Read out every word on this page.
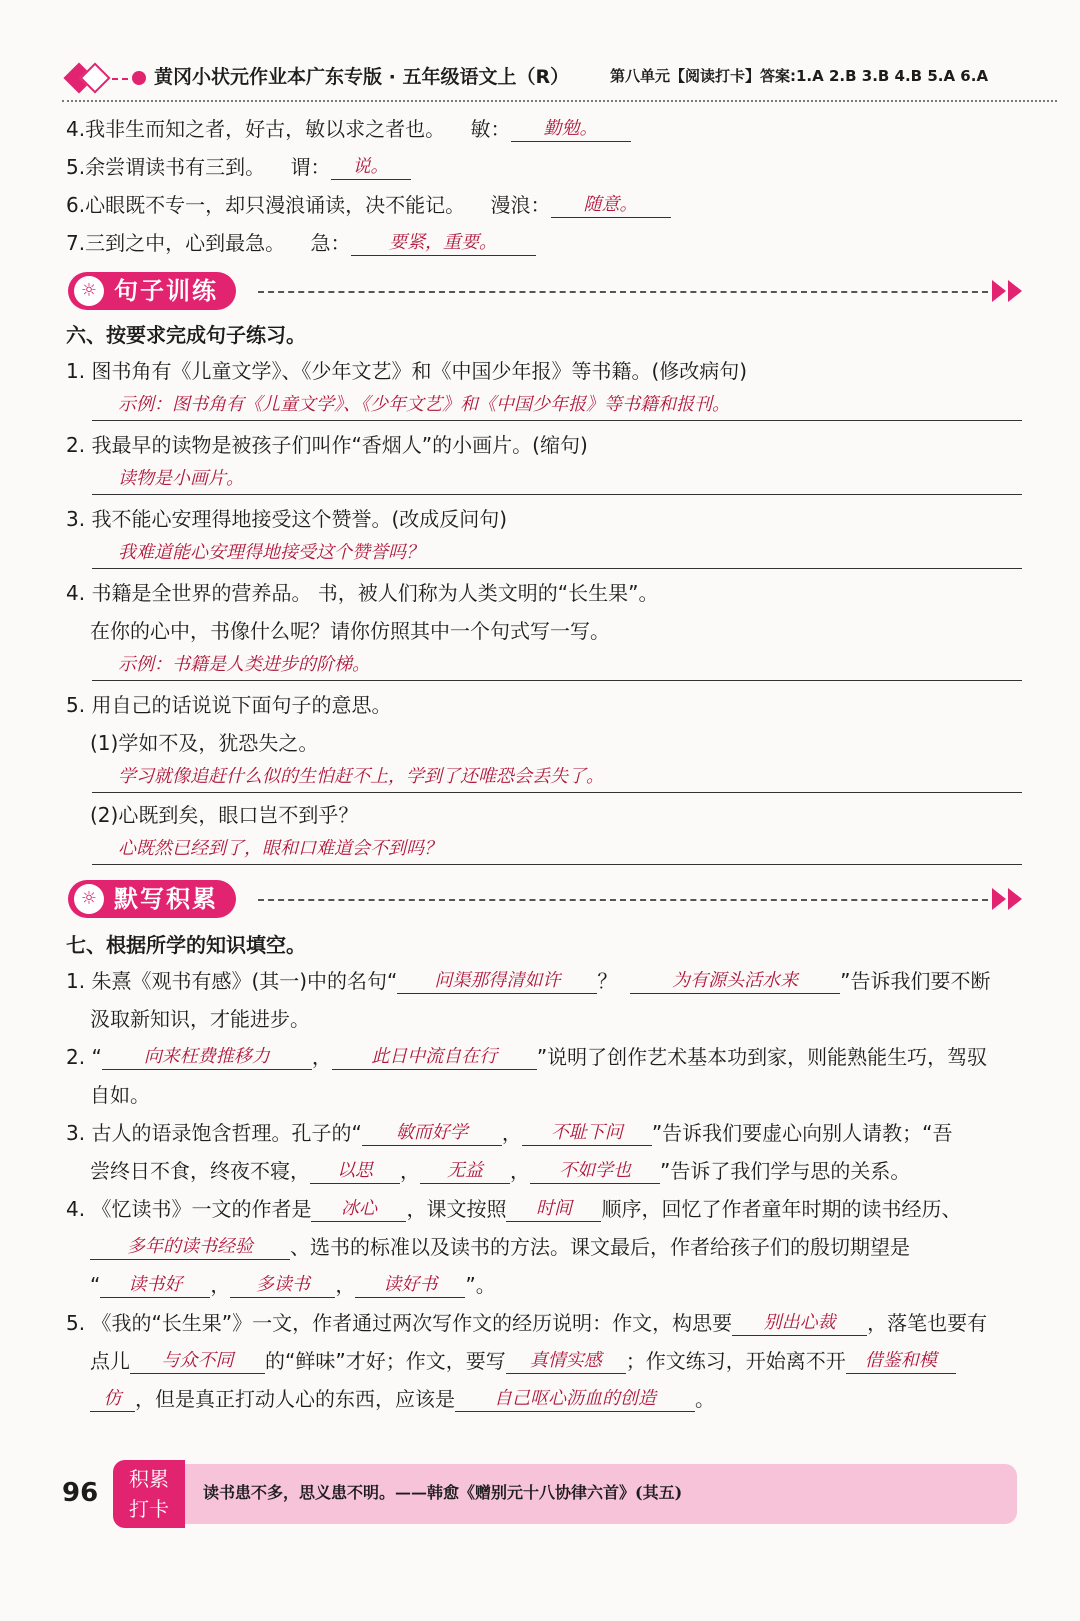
黄冈小状元作业本广东专版 · 五年级语文上（R）	第八单元【阅读打卡】答案:1.A 2.B 3.B 4.B 5.A 6.A
4.我非生而知之者，好古，敏以求之者也。 敏： 勤勉。
5.余尝谓读书有三到。 谓： 说。
6.心眼既不专一，却只漫浪诵读，决不能记。 漫浪： 随意。
7.三到之中，心到最急。 急： 要紧，重要。
句子训练
☼
六、按要求完成句子练习。
1. 图书角有《儿童文学》、《少年文艺》和《中国少年报》等书籍。(修改病句)
示例：图书角有《儿童文学》、《少年文艺》和《中国少年报》等书籍和报刊。
2. 我最早的读物是被孩子们叫作“香烟人”的小画片。(缩句)
读物是小画片。
3. 我不能心安理得地接受这个赞誉。(改成反问句)
我难道能心安理得地接受这个赞誉吗？
4. 书籍是全世界的营养品。 书，被人们称为人类文明的“长生果”。
在你的心中，书像什么呢？请你仿照其中一个句式写一写。
示例：书籍是人类进步的阶梯。
5. 用自己的话说说下面句子的意思。
(1)学如不及，犹恐失之。
学习就像追赶什么似的生怕赶不上，学到了还唯恐会丢失了。
(2)心既到矣，眼口岂不到乎？
心既然已经到了，眼和口难道会不到吗？
默写积累
☼
七、根据所学的知识填空。
1. 朱熹《观书有感》(其一)中的名句“ 问渠那得清如许 ？	为有源头活水来 ”告诉我们要不断
汲取新知识，才能进步。
2. “ 向来枉费推移力 ， 此日中流自在行 ”说明了创作艺术基本功到家，则能熟能生巧，驾驭
自如。
3. 古人的语录饱含哲理。孔子的“ 敏而好学 ， 不耻下问 ”告诉我们要虚心向别人请教；“吾
尝终日不食，终夜不寝， 以思 ， 无益 ， 不如学也 ”告诉了我们学与思的关系。
4. 《忆读书》一文的作者是 冰心 ，课文按照 时间 顺序，回忆了作者童年时期的读书经历、
多年的读书经验 、选书的标准以及读书的方法。课文最后，作者给孩子们的殷切期望是
“ 读书好 ， 多读书 ， 读好书 ”。
5. 《我的“长生果”》一文，作者通过两次写作文的经历说明：作文，构思要 别出心裁 ，落笔也要有
点儿 与众不同 的“鲜味”才好；作文，要写 真情实感 ；作文练习，开始离不开 借鉴和模
仿 ，但是真正打动人心的东西，应该是 自己呕心沥血的创造 。
96	积累
打卡
读书患不多，思义患不明。——韩愈《赠别元十八协律六首》(其五)
